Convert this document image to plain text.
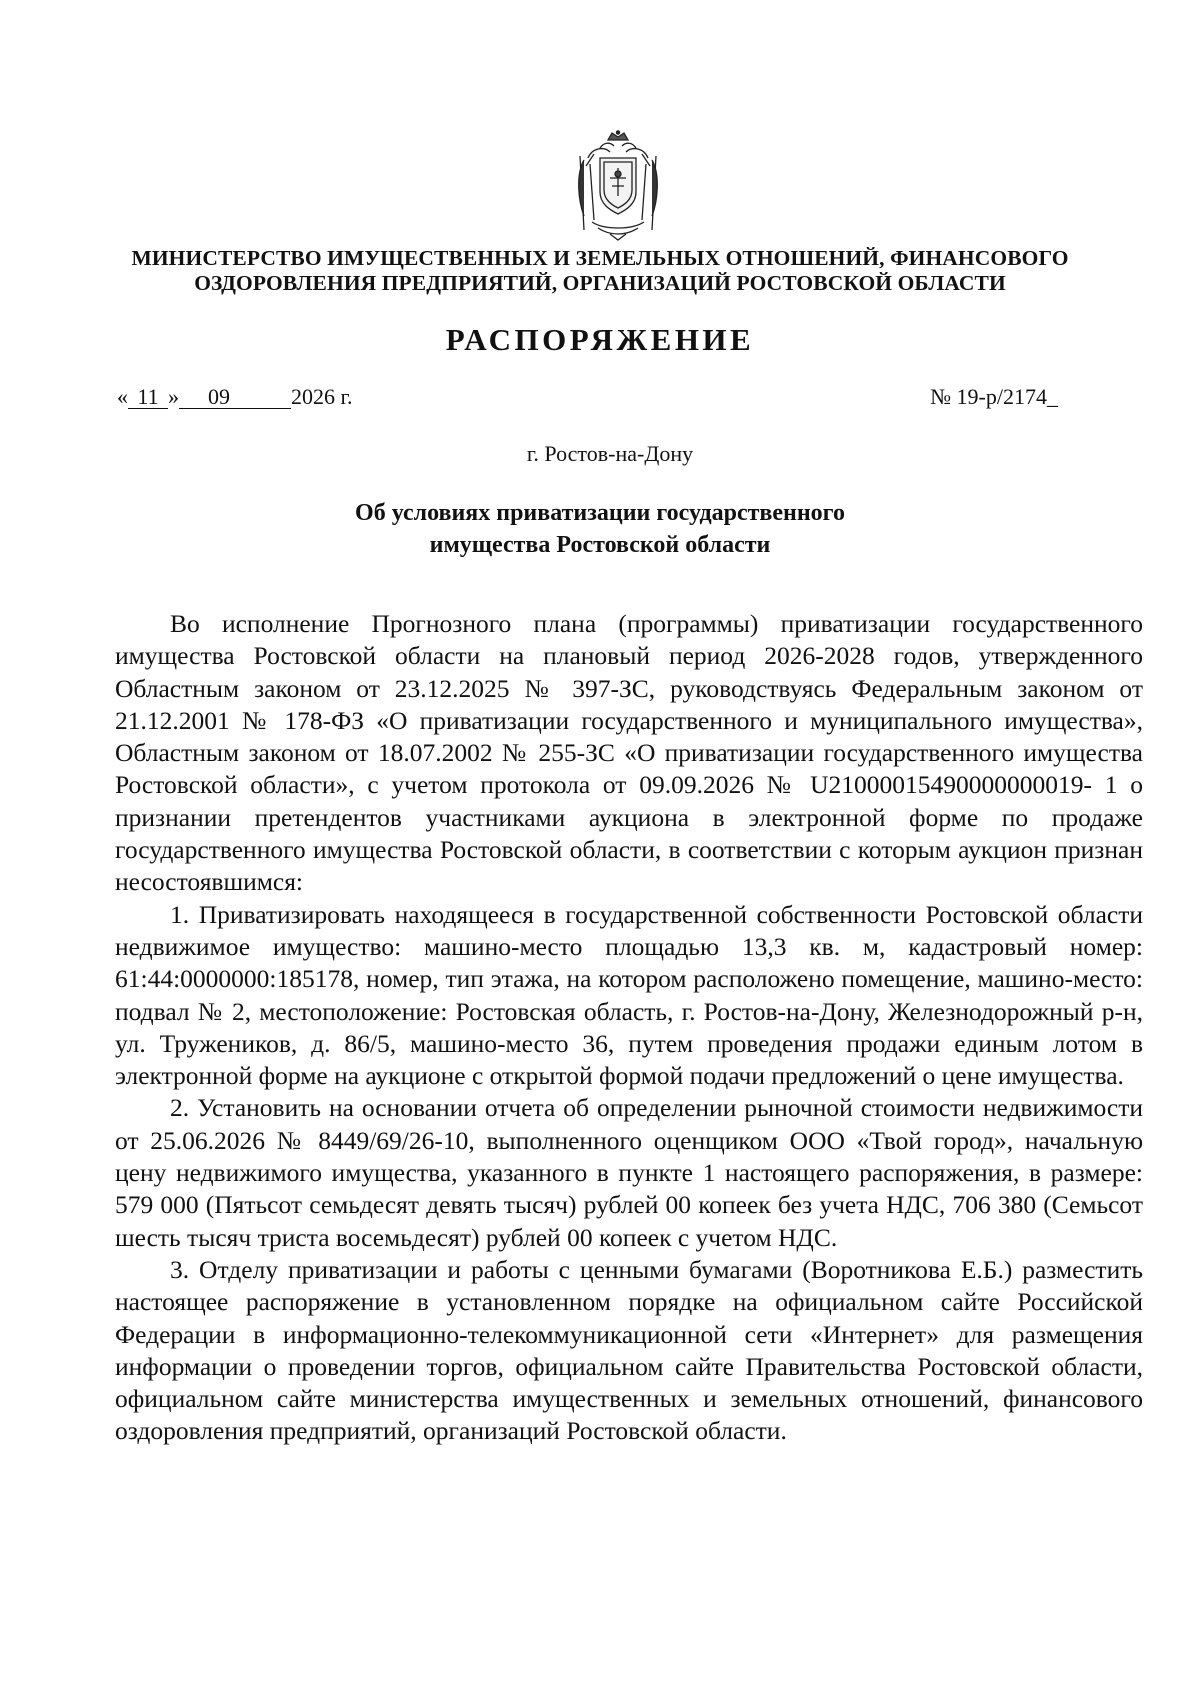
МИНИСТЕРСТВО ИМУЩЕСТВЕННЫХ И ЗЕМЕЛЬНЫХ ОТНОШЕНИЙ, ФИНАНСОВОГО
ОЗДОРОВЛЕНИЯ ПРЕДПРИЯТИЙ, ОРГАНИЗАЦИЙ РОСТОВСКОЙ ОБЛАСТИ
РАСПОРЯЖЕНИЕ
« 11 » 09	2026 г.	№ 19-р/2174_
г. Ростов-на-Дону
Об условиях приватизации государственного
имущества Ростовской области

Во исполнение Прогнозного плана (программы) приватизации государственного имущества Ростовской области на плановый период 2026-2028 годов, утвержденного Областным законом от 23.12.2025 № 397-ЗС, руководствуясь Федеральным законом от 21.12.2001 № 178-ФЗ «О приватизации государственного и муниципального имущества», Областным законом от 18.07.2002 № 255-ЗС «О приватизации государственного имущества Ростовской области», с учетом протокола от 09.09.2026 № U21000015490000000019- 1 о признании претендентов участниками аукциона в электронной форме по продаже государственного имущества Ростовской области, в соответствии с которым аукцион признан несостоявшимся:

1. Приватизировать находящееся в государственной собственности Ростовской области недвижимое имущество: машино-место площадью 13,3 кв. м, кадастровый номер: 61:44:0000000:185178, номер, тип этажа, на котором расположено помещение, машино-место: подвал № 2, местоположение: Ростовская область, г. Ростов-на-Дону, Железнодорожный р-н, ул. Тружеников, д. 86/5, машино-место 36, путем проведения продажи единым лотом в электронной форме на аукционе с открытой формой подачи предложений о цене имущества.

2. Установить на основании отчета об определении рыночной стоимости недвижимости от 25.06.2026 № 8449/69/26-10, выполненного оценщиком ООО «Твой город», начальную цену недвижимого имущества, указанного в пункте 1 настоящего распоряжения, в размере: 579 000 (Пятьсот семьдесят девять тысяч) рублей 00 копеек без учета НДС, 706 380 (Семьсот шесть тысяч триста восемьдесят) рублей 00 копеек с учетом НДС.

3. Отделу приватизации и работы с ценными бумагами (Воротникова Е.Б.) разместить настоящее распоряжение в установленном порядке на официальном сайте Российской Федерации в информационно-телекоммуникационной сети «Интернет» для размещения информации о проведении торгов, официальном сайте Правительства Ростовской области, официальном сайте министерства имущественных и земельных отношений, финансового оздоровления предприятий, организаций Ростовской области.
